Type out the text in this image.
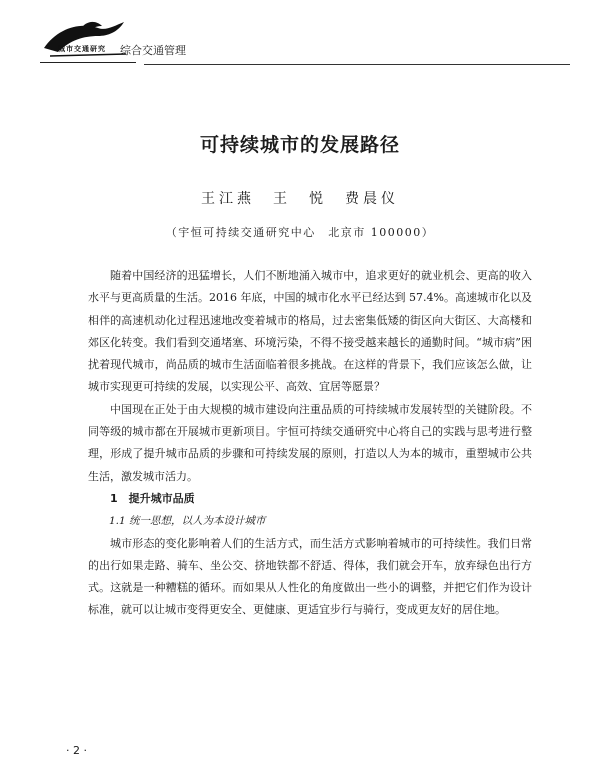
城市交通研究 综合交通管理
可持续城市的发展路径
王江燕　王　悦　费晨仪
（宇恒可持续交通研究中心　北京市 100000）

随着中国经济的迅猛增长，人们不断地涌入城市中，追求更好的就业机会、更高的收入水平与更高质量的生活。2016 年底，中国的城市化水平已经达到 57.4%。高速城市化以及相伴的高速机动化过程迅速地改变着城市的格局，过去密集低矮的街区向大街区、大高楼和郊区化转变。我们看到交通堵塞、环境污染，不得不接受越来越长的通勤时间。“城市病”困扰着现代城市，尚品质的城市生活面临着很多挑战。在这样的背景下，我们应该怎么做，让城市实现更可持续的发展，以实现公平、高效、宜居等愿景？

中国现在正处于由大规模的城市建设向注重品质的可持续城市发展转型的关键阶段。不同等级的城市都在开展城市更新项目。宇恒可持续交通研究中心将自己的实践与思考进行整理，形成了提升城市品质的步骤和可持续发展的原则，打造以人为本的城市，重塑城市公共生活，激发城市活力。

1　提升城市品质

1.1 统一思想，以人为本设计城市

城市形态的变化影响着人们的生活方式，而生活方式影响着城市的可持续性。我们日常的出行如果走路、骑车、坐公交、挤地铁都不舒适、得体，我们就会开车，放弃绿色出行方式。这就是一种糟糕的循环。而如果从人性化的角度做出一些小的调整，并把它们作为设计标准，就可以让城市变得更安全、更健康、更适宜步行与骑行，变成更友好的居住地。

· 2 ·
